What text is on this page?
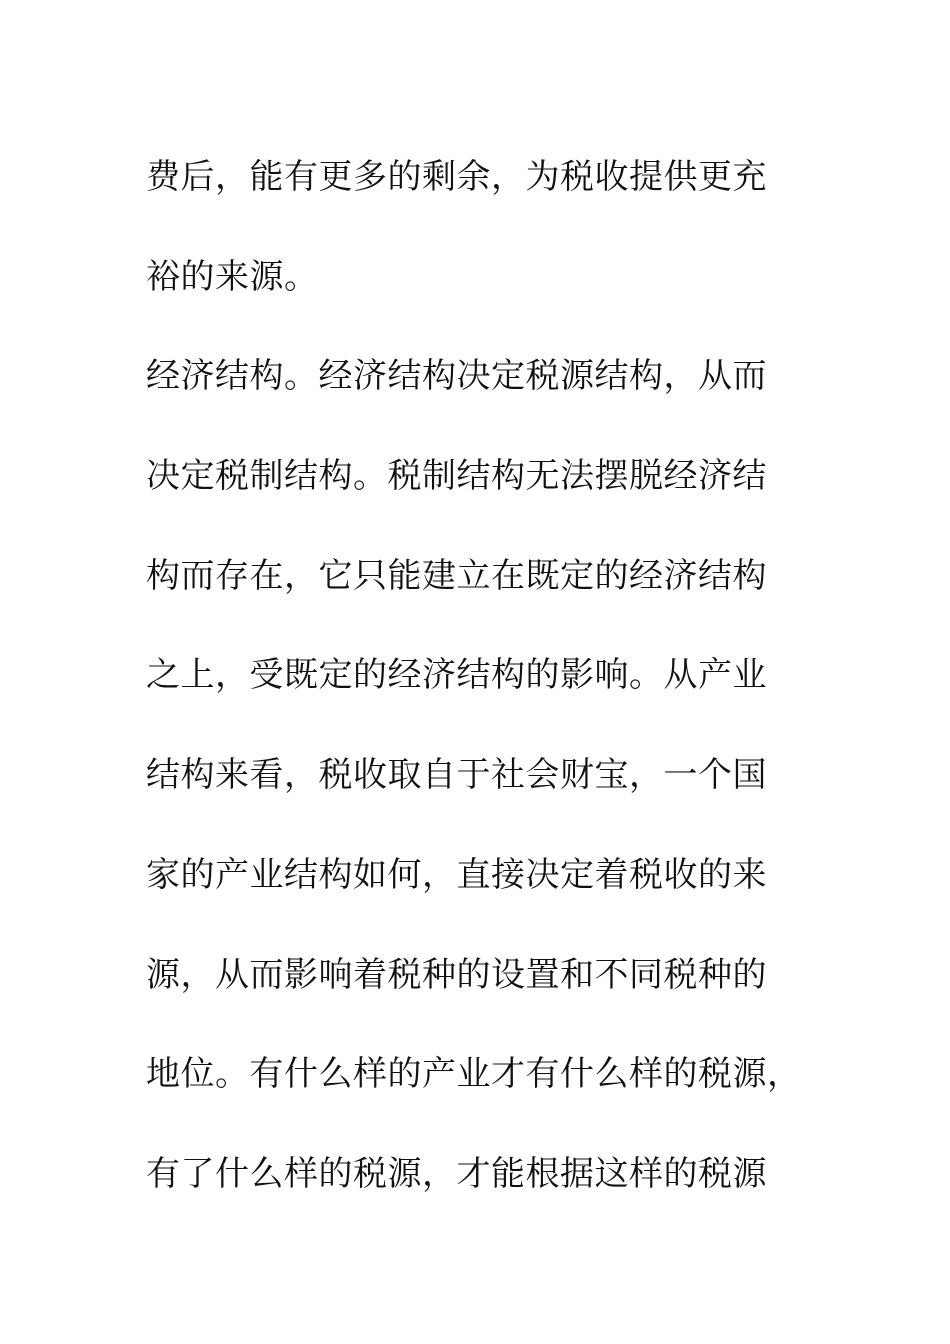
费后，能有更多的剩余，为税收提供更充
裕的来源。
经济结构。经济结构决定税源结构，从而
决定税制结构。税制结构无法摆脱经济结
构而存在，它只能建立在既定的经济结构
之上，受既定的经济结构的影响。从产业
结构来看，税收取自于社会财宝，一个国
家的产业结构如何，直接决定着税收的来
源，从而影响着税种的设置和不同税种的
地位。有什么样的产业才有什么样的税源，
有了什么样的税源，才能根据这样的税源
